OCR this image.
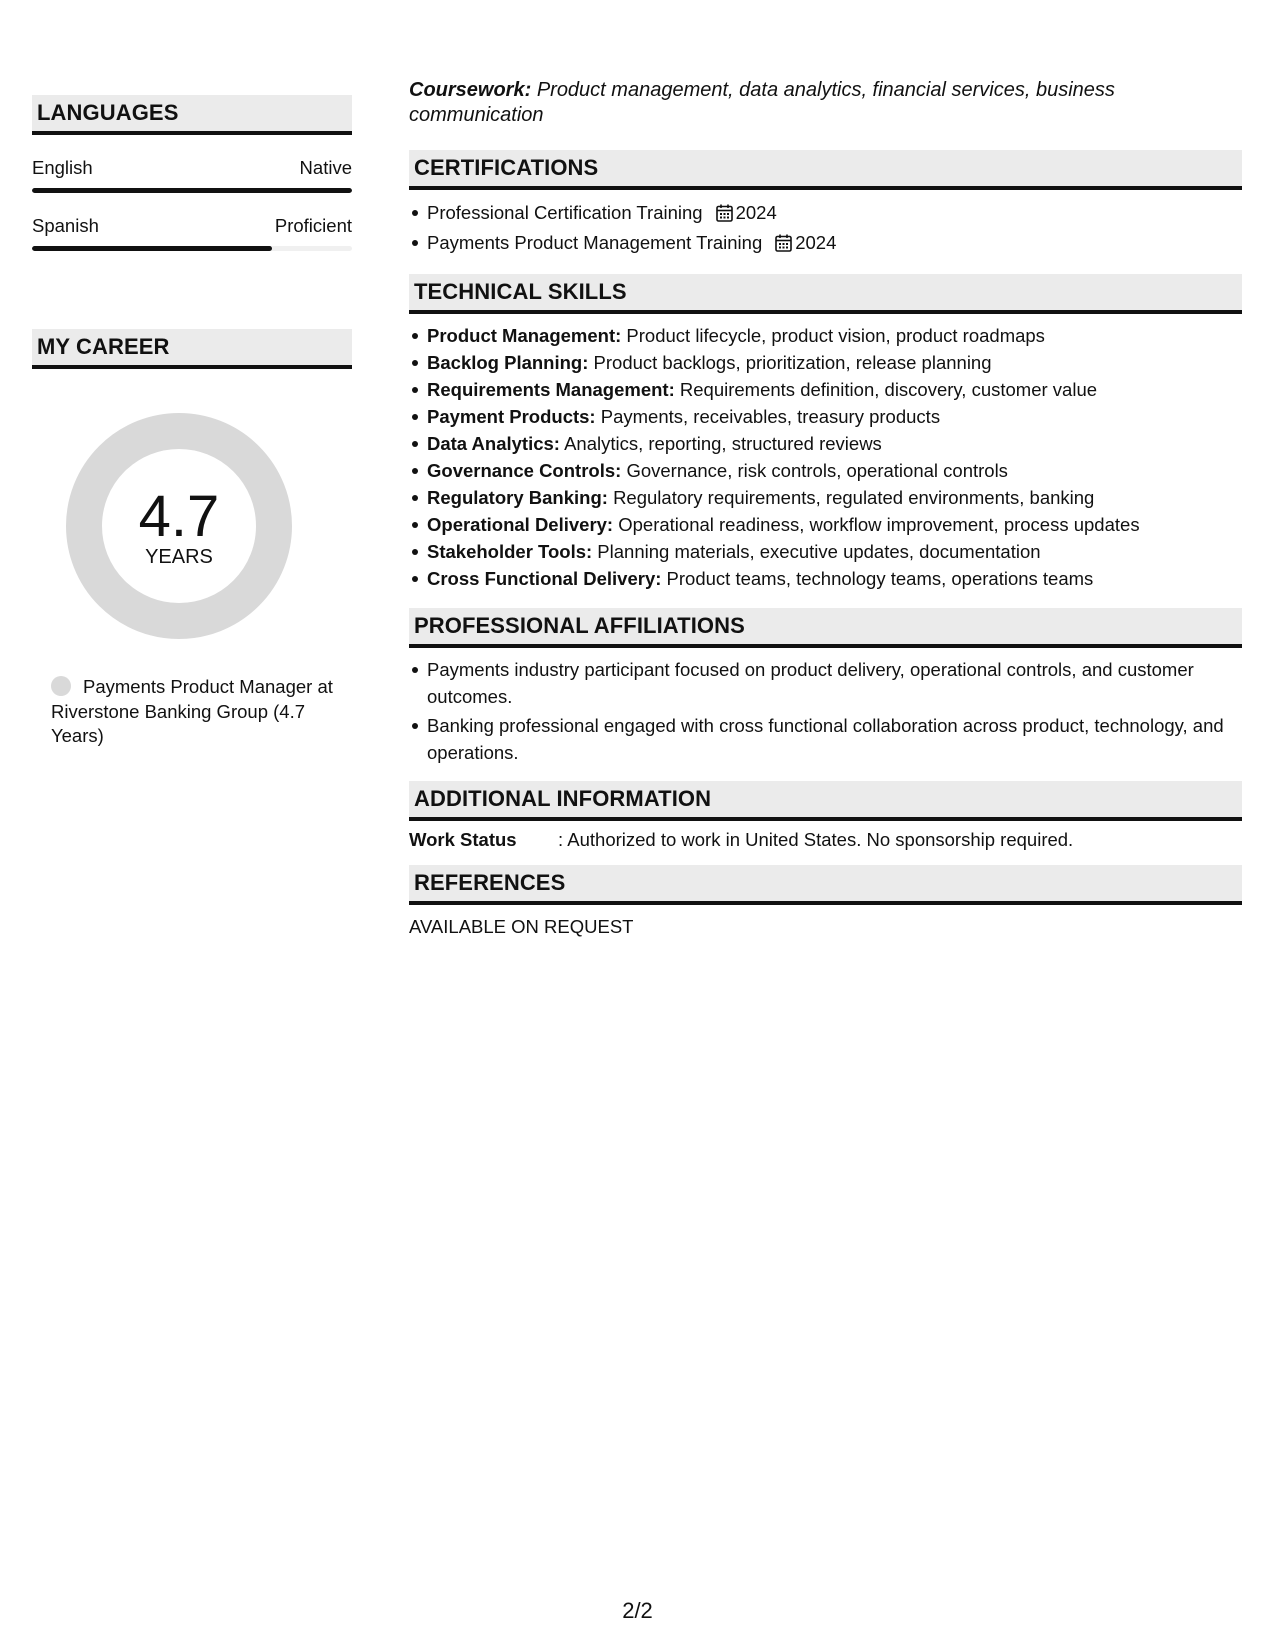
LANGUAGES
English	Native
Spanish	Proficient
MY CAREER
4.7
YEARS
Payments Product Manager at Riverstone Banking Group (4.7 Years)
Coursework: Product management, data analytics, financial services, business communication
CERTIFICATIONS
Professional Certification Training 2024
Payments Product Management Training 2024
TECHNICAL SKILLS
Product Management: Product lifecycle, product vision, product roadmaps
Backlog Planning: Product backlogs, prioritization, release planning
Requirements Management: Requirements definition, discovery, customer value
Payment Products: Payments, receivables, treasury products
Data Analytics: Analytics, reporting, structured reviews
Governance Controls: Governance, risk controls, operational controls
Regulatory Banking: Regulatory requirements, regulated environments, banking
Operational Delivery: Operational readiness, workflow improvement, process updates
Stakeholder Tools: Planning materials, executive updates, documentation
Cross Functional Delivery: Product teams, technology teams, operations teams
PROFESSIONAL AFFILIATIONS
Payments industry participant focused on product delivery, operational controls, and customer outcomes.
Banking professional engaged with cross functional collaboration across product, technology, and operations.
ADDITIONAL INFORMATION
Work Status	: Authorized to work in United States. No sponsorship required.
REFERENCES
AVAILABLE ON REQUEST
2/2
